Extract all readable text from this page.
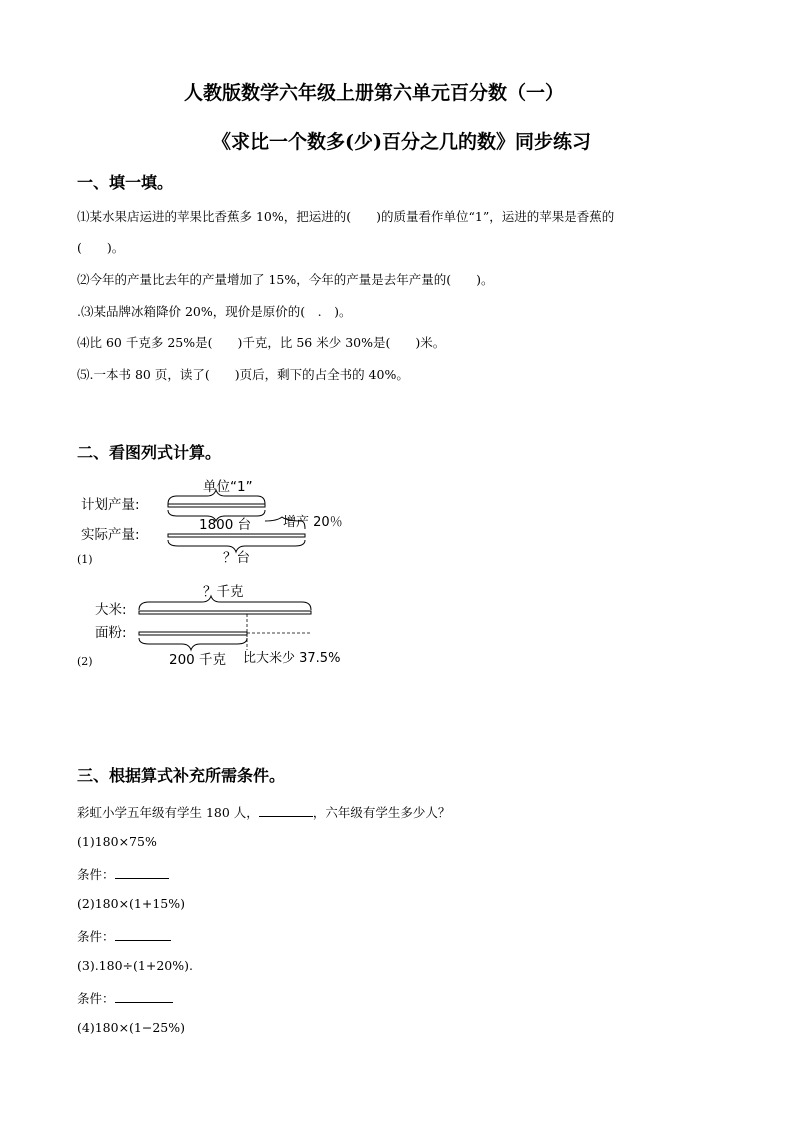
人教版数学六年级上册第六单元百分数（一）
《求比一个数多(少)百分之几的数》同步练习
一、填一填。
⑴某水果店运进的苹果比香蕉多 10%，把运进的(　　)的质量看作单位“1”，运进的苹果是香蕉的
(　　)。
⑵今年的产量比去年的产量增加了 15%，今年的产量是去年产量的(　　)。
.⑶某品牌冰箱降价 20%，现价是原价的(　.　)。
⑷比 60 千克多 25%是(　　)千克，比 56 米少 30%是(　　)米。
⑸.一本书 80 页，读了(　　)页后，剩下的占全书的 40%。
二、看图列式计算。
单位“1”
计划产量:
1800 台
实际产量:
增产 20％
？台
(1)
？千克
大米:
面粉:
200 千克 比大米少 37.5%
(2)
三、根据算式补充所需条件。
彩虹小学五年级有学生 180 人，	，六年级有学生多少人？
(1)180×75%
条件：
(2)180×(1+15%)
条件：
(3).180÷(1+20%).
条件：
(4)180×(1−25%)
